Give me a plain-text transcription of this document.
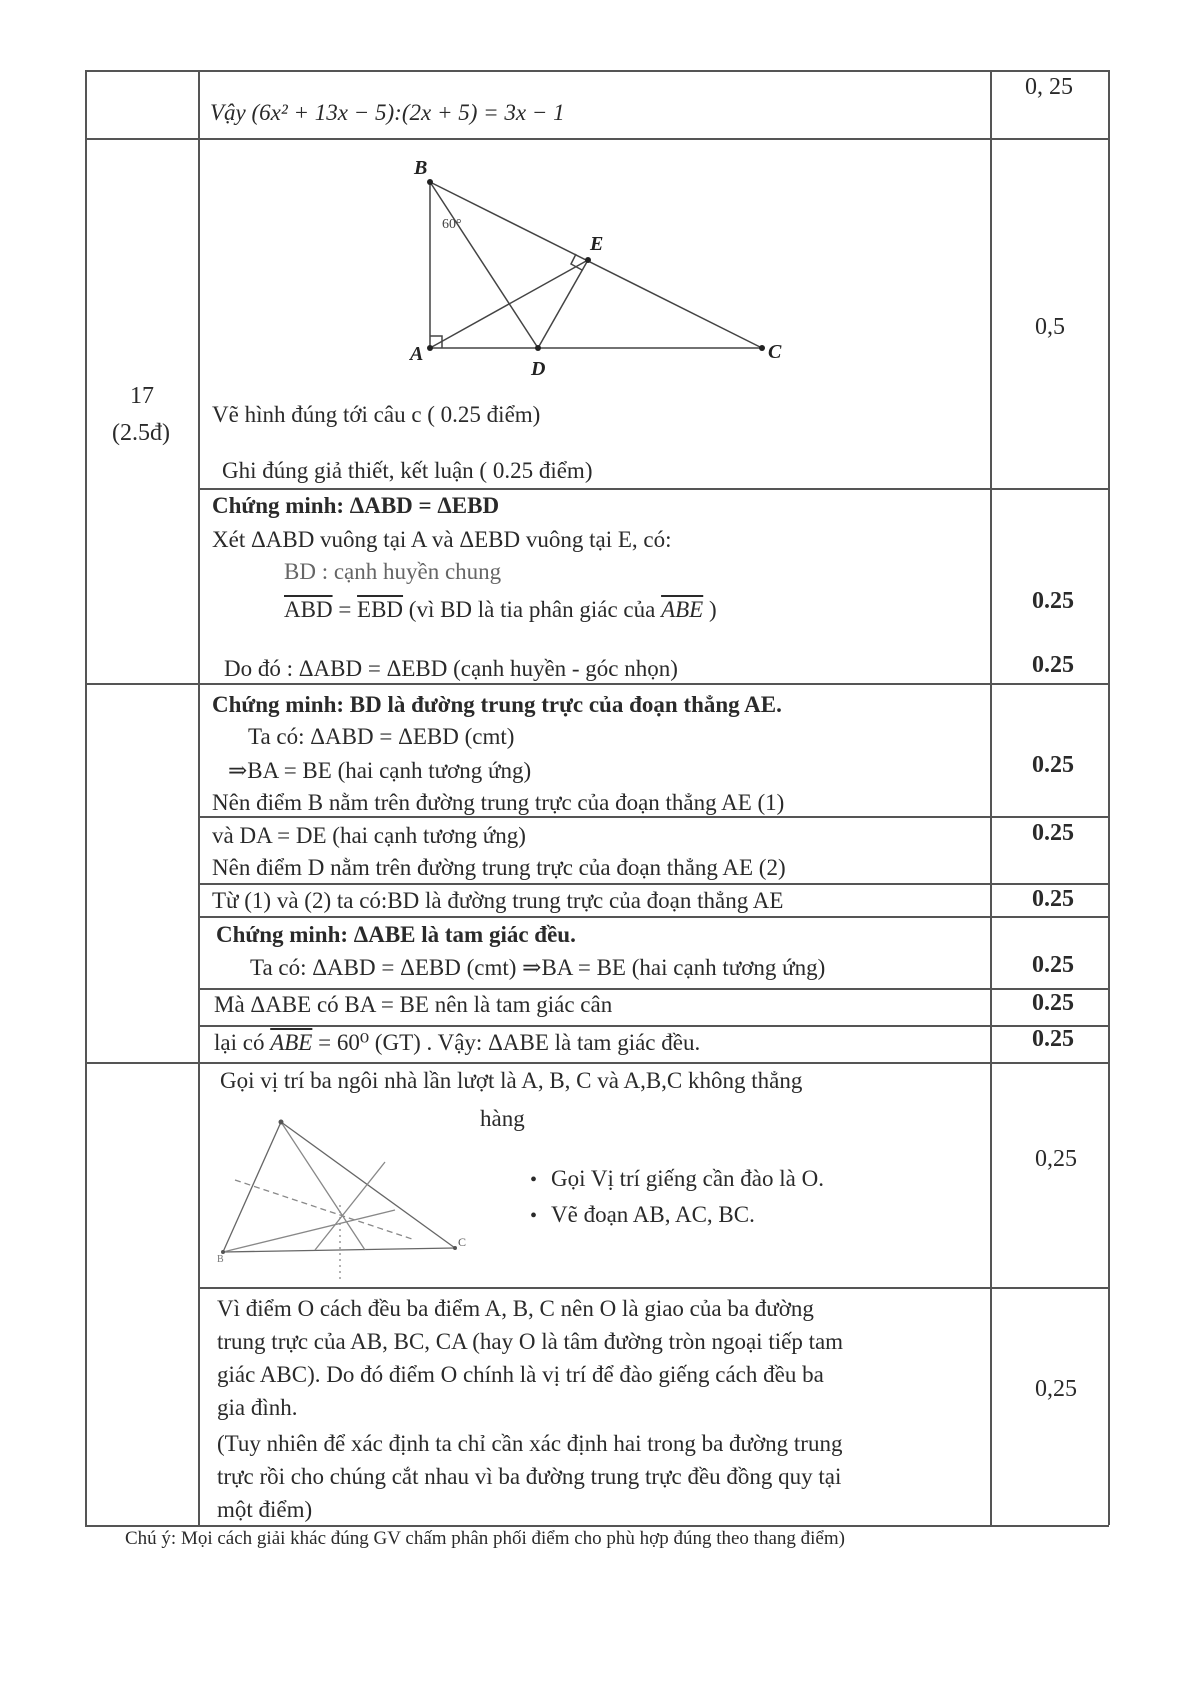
Vậy (6x² + 13x − 5):(2x + 5) = 3x − 1
0, 25
17
(2.5đ)
B
E
A
D
C
60°
Vẽ hình đúng tới câu c ( 0.25 điểm)
Ghi đúng giả thiết, kết luận ( 0.25 điểm)
0,5
Chứng minh: ΔABD = ΔEBD
Xét ΔABD vuông tại A và ΔEBD vuông tại E, có:
BD : cạnh huyền chung
$\overline{ABD} = \overline{EBD}$ (vì BD là tia phân giác của $\overline{ABE}$ )
Do đó : ΔABD = ΔEBD (cạnh huyền - góc nhọn)
0.25
0.25
Chứng minh: BD là đường trung trực của đoạn thẳng AE.
Ta có: ΔABD = ΔEBD (cmt)
⇒BA = BE (hai cạnh tương ứng)
Nên điểm B nằm trên đường trung trực của đoạn thẳng AE (1)
và DA = DE (hai cạnh tương ứng)
Nên điểm D nằm trên đường trung trực của đoạn thẳng AE (2)
Từ (1) và (2) ta có:BD là đường trung trực của đoạn thẳng AE
0.25
0.25
0.25
Chứng minh: ΔABE là tam giác đều.
Ta có: ΔABD = ΔEBD (cmt) ⇒BA = BE (hai cạnh tương ứng)
Mà ΔABE có BA = BE nên là tam giác cân
lại có $\overline{ABE} = 60^0$ (GT) . Vậy: ΔABE là tam giác đều.
0.25
0.25
0.25
Gọi vị trí ba ngôi nhà lần lượt là A, B, C và A,B,C không thẳng
hàng
C
B
• Gọi Vị trí giếng cần đào là O.
• Vẽ đoạn AB, AC, BC.
0,25
Vì điểm O cách đều ba điểm A, B, C nên O là giao của ba đường
trung trực của AB, BC, CA (hay O là tâm đường tròn ngoại tiếp tam
giác ABC). Do đó điểm O chính là vị trí để đào giếng cách đều ba
gia đình.
(Tuy nhiên để xác định ta chỉ cần xác định hai trong ba đường trung
trực rồi cho chúng cắt nhau vì ba đường trung trực đều đồng quy tại
một điểm)
0,25
Chú ý: Mọi cách giải khác đúng GV chấm phân phối điểm cho phù hợp đúng theo thang điểm)
